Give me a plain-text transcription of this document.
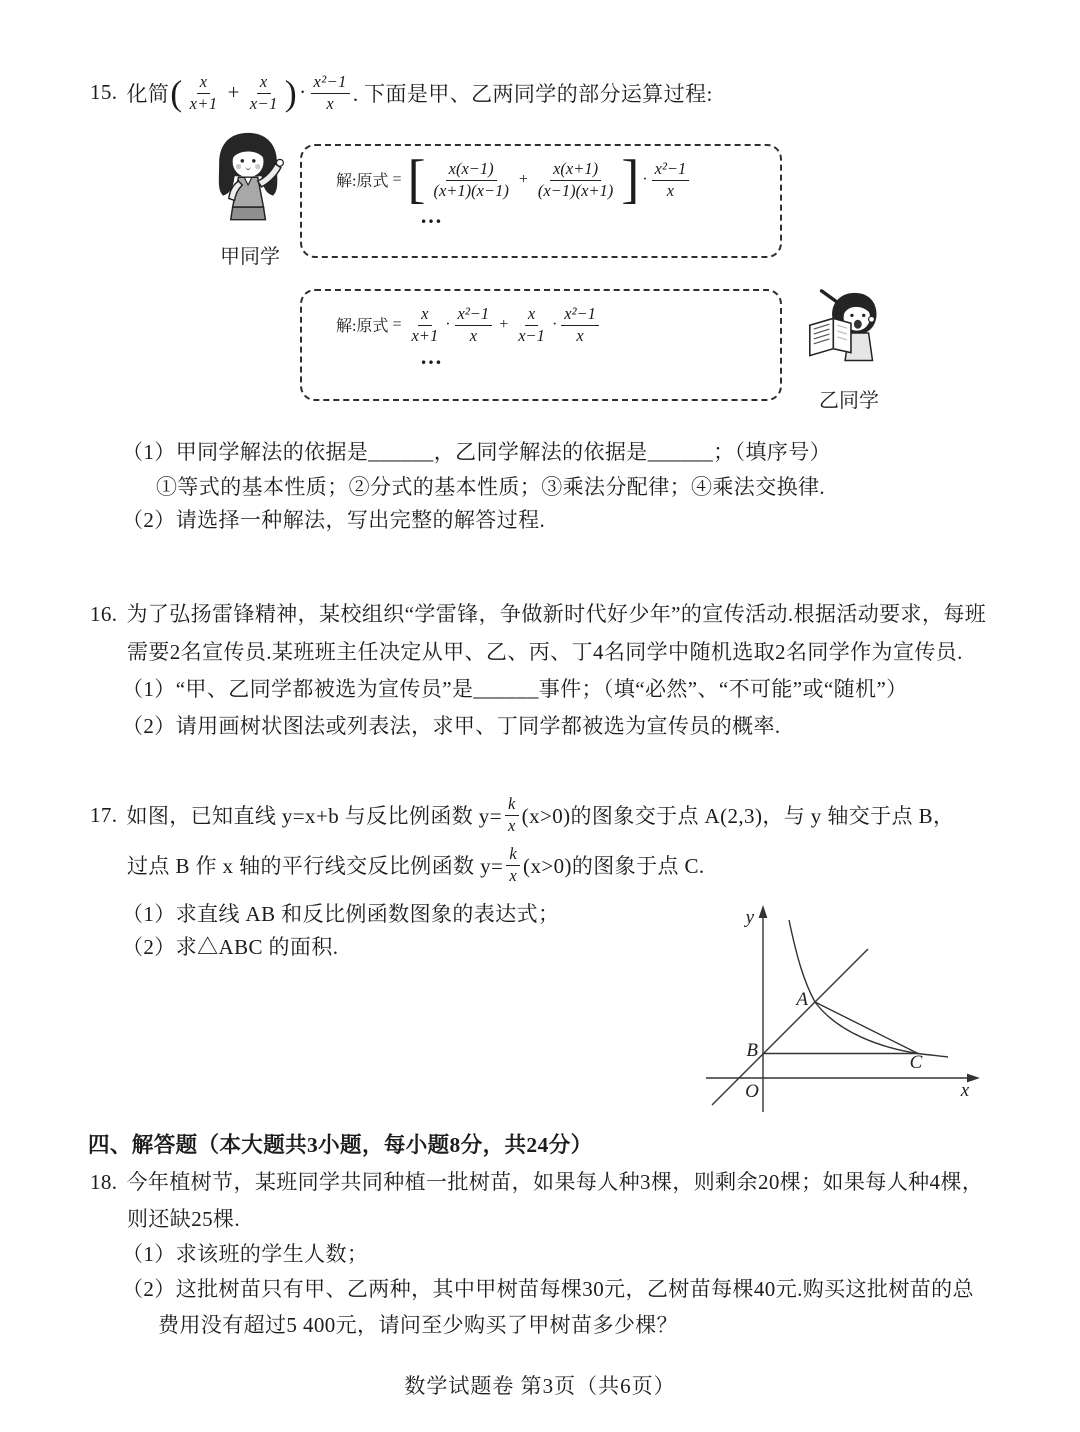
15. 化简 ( $\frac{x}{x+1} + \frac{x}{x-1}$ ) · $\frac{\text{x²−1}}{x}$ . 下面是甲、乙两同学的部分运算过程:
甲同学
解:原式 = [ $\frac{x(x-1)}{(x+1)(x-1)} + \frac{x(x+1)}{(x-1)(x+1)}$ ] · $\frac{\text{x²−1}}{x}$
…
解:原式 = $\frac{x}{x+1} \cdot \frac{\text{x²−1}}{x} + \frac{x}{x-1} \cdot \frac{\text{x²−1}}{x}$
…
乙同学
（1）甲同学解法的依据是______，乙同学解法的依据是______；（填序号）
①等式的基本性质；②分式的基本性质；③乘法分配律；④乘法交换律.
（2）请选择一种解法，写出完整的解答过程.
16. 为了弘扬雷锋精神，某校组织“学雷锋，争做新时代好少年”的宣传活动.根据活动要求，每班
需要2名宣传员.某班班主任决定从甲、乙、丙、丁4名同学中随机选取2名同学作为宣传员.
（1）“甲、乙同学都被选为宣传员”是______事件；（填“必然”、“不可能”或“随机”）
（2）请用画树状图法或列表法，求甲、丁同学都被选为宣传员的概率.
17. 如图，已知直线 y=x+b 与反比例函数 $y= \frac{k}{x} (x>0)$的图象交于点 A(2,3)，与 y 轴交于点 B，
过点 B 作 x 轴的平行线交反比例函数 $y= \frac{k}{x} (x>0)$的图象于点 C.
（1）求直线 AB 和反比例函数图象的表达式；
（2）求△ABC 的面积.
y
x
O
A
B
C
四、解答题（本大题共3小题，每小题8分，共24分）
18. 今年植树节，某班同学共同种植一批树苗，如果每人种3棵，则剩余20棵；如果每人种4棵，
则还缺25棵.
（1）求该班的学生人数；
（2）这批树苗只有甲、乙两种，其中甲树苗每棵30元，乙树苗每棵40元.购买这批树苗的总
费用没有超过5 400元，请问至少购买了甲树苗多少棵？
数学试题卷 第3页（共6页）
